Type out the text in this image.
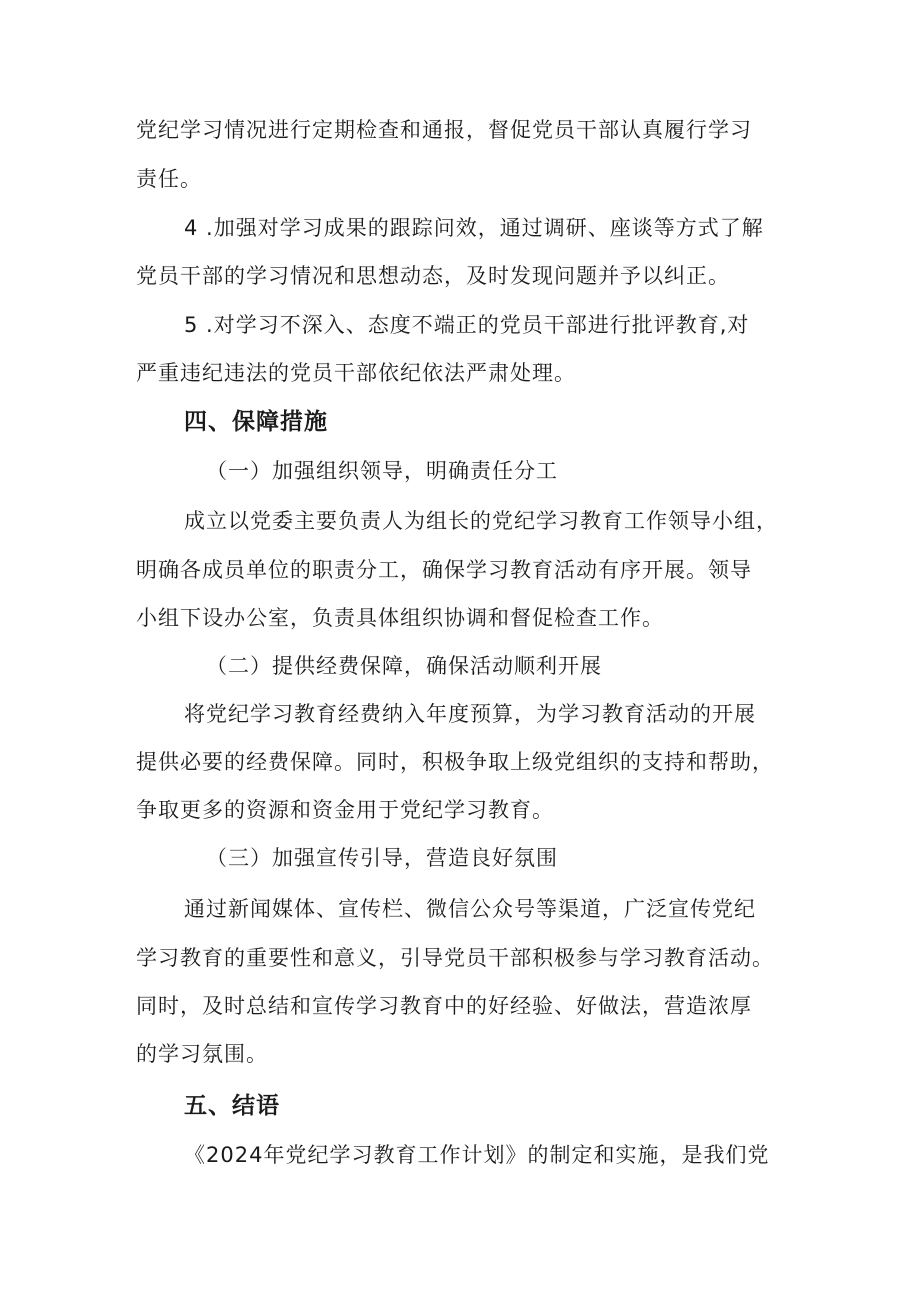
党纪学习情况进行定期检查和通报，督促党员干部认真履行学习
责任。
4 .加强对学习成果的跟踪问效，通过调研、座谈等方式了解
党员干部的学习情况和思想动态，及时发现问题并予以纠正。
5 .对学习不深入、态度不端正的党员干部进行批评教育,对
严重违纪违法的党员干部依纪依法严肃处理。
四、保障措施
（一）加强组织领导，明确责任分工
成立以党委主要负责人为组长的党纪学习教育工作领导小组，
明确各成员单位的职责分工，确保学习教育活动有序开展。领导
小组下设办公室，负责具体组织协调和督促检查工作。
（二）提供经费保障，确保活动顺利开展
将党纪学习教育经费纳入年度预算，为学习教育活动的开展
提供必要的经费保障。同时，积极争取上级党组织的支持和帮助，
争取更多的资源和资金用于党纪学习教育。
（三）加强宣传引导，营造良好氛围
通过新闻媒体、宣传栏、微信公众号等渠道，广泛宣传党纪
学习教育的重要性和意义，引导党员干部积极参与学习教育活动。
同时，及时总结和宣传学习教育中的好经验、好做法，营造浓厚
的学习氛围。
五、结语
《2024年党纪学习教育工作计划》的制定和实施，是我们党
